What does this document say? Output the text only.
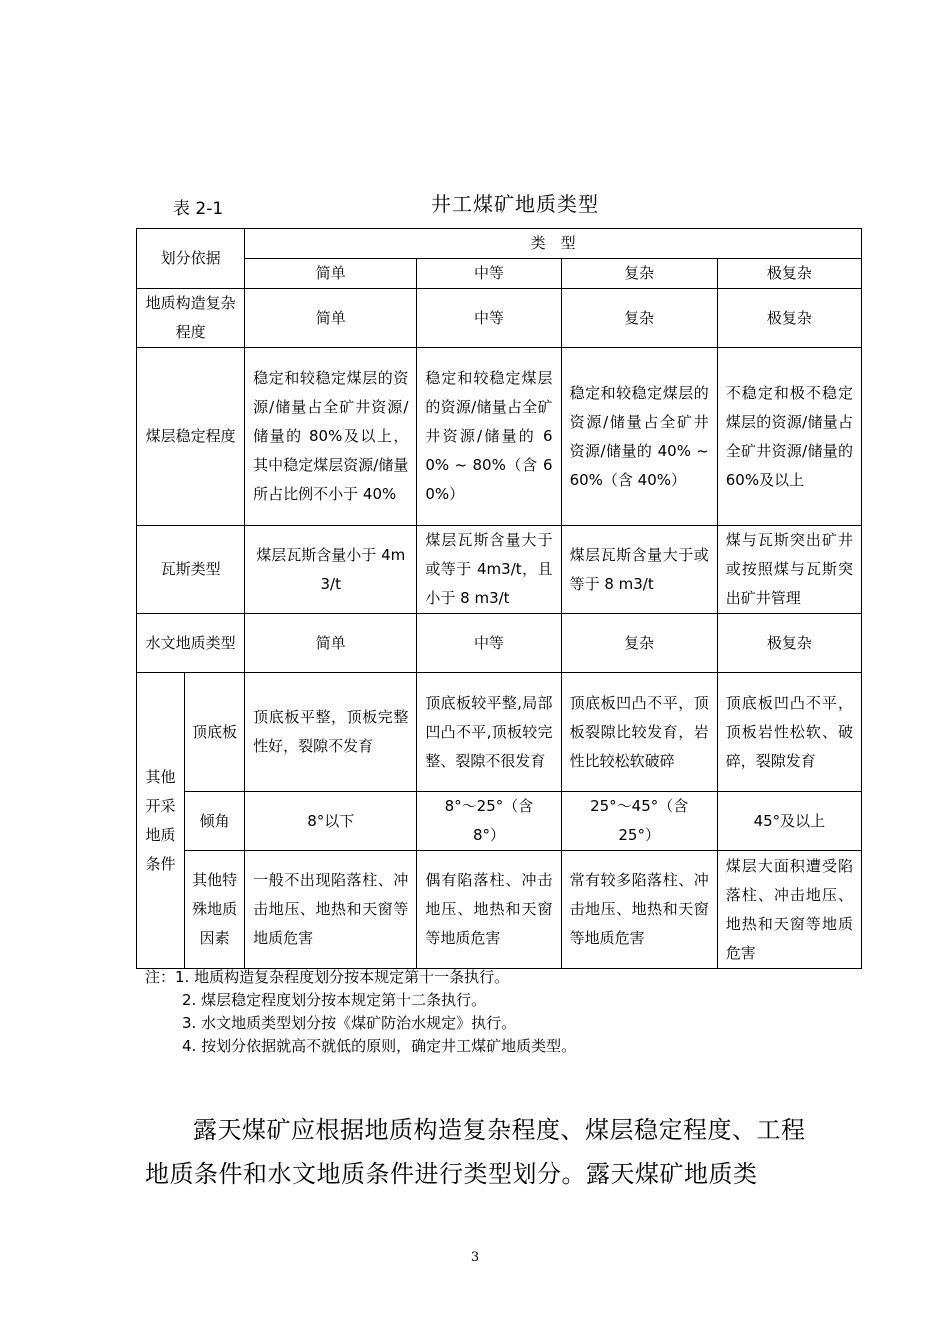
表 2-1	井工煤矿地质类型
划分依据		类　型			
		简单	中等	复杂	极复杂
地质构造复杂程度		简单	中等	复杂	极复杂
煤层稳定程度		稳定和较稳定煤层的资源/储量占全矿井资源/储量的 80%及以上，其中稳定煤层资源/储量所占比例不小于 40%	稳定和较稳定煤层的资源/储量占全矿井资源/储量的 60% ~ 80%（含 60%）	稳定和较稳定煤层的资源/储量占全矿井资源/储量的 40% ~ 60%（含 40%）	不稳定和极不稳定煤层的资源/储量占全矿井资源/储量的 60%及以上
瓦斯类型		煤层瓦斯含量小于 4m3/t	煤层瓦斯含量大于或等于 4m3/t，且小于 8 m3/t	煤层瓦斯含量大于或等于 8 m3/t	煤与瓦斯突出矿井或按照煤与瓦斯突出矿井管理
水文地质类型		简单	中等	复杂	极复杂
其他开采地质条件	顶底板	顶底板平整，顶板完整性好，裂隙不发育	顶底板较平整,局部凹凸不平,顶板较完整、裂隙不很发育	顶底板凹凸不平，顶板裂隙比较发育，岩性比较松软破碎	顶底板凹凸不平，顶板岩性松软、破碎，裂隙发育
	倾角	8°以下	8°～25°（含 8°）	25°～45°（含 25°）	45°及以上
	其他特殊地质因素	一般不出现陷落柱、冲击地压、地热和天窗等地质危害	偶有陷落柱、冲击地压、地热和天窗等地质危害	常有较多陷落柱、冲击地压、地热和天窗等地质危害	煤层大面积遭受陷落柱、冲击地压、地热和天窗等地质危害
注：1. 地质构造复杂程度划分按本规定第十一条执行。
2. 煤层稳定程度划分按本规定第十二条执行。
3. 水文地质类型划分按《煤矿防治水规定》执行。
4. 按划分依据就高不就低的原则，确定井工煤矿地质类型。

露天煤矿应根据地质构造复杂程度、煤层稳定程度、工程地质条件和水文地质条件进行类型划分。露天煤矿地质类

3
